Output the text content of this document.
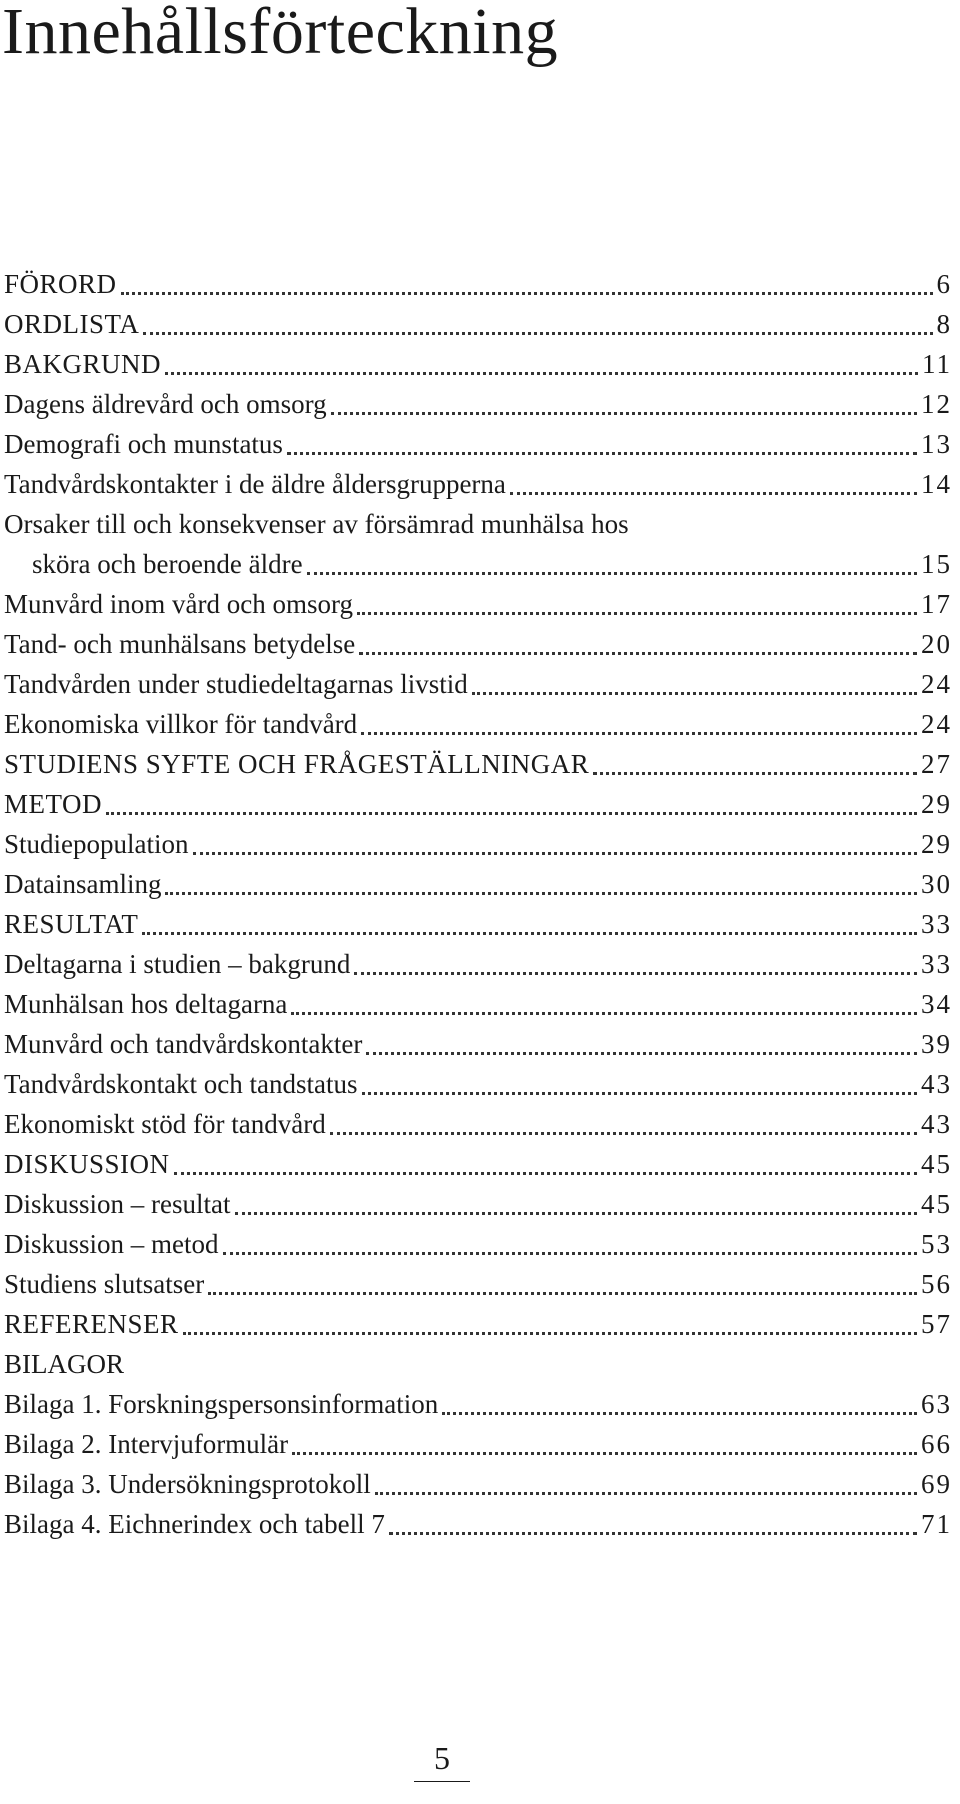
Innehållsförteckning
FÖRORD	6
ORDLISTA	8
BAKGRUND	11
Dagens äldrevård och omsorg	12
Demografi och munstatus	13
Tandvårdskontakter i de äldre åldersgrupperna	14
Orsaker till och konsekvenser av försämrad munhälsa hos
sköra och beroende äldre	15
Munvård inom vård och omsorg	17
Tand- och munhälsans betydelse	20
Tandvården under studiedeltagarnas livstid	24
Ekonomiska villkor för tandvård	24
STUDIENS SYFTE OCH FRÅGESTÄLLNINGAR	27
METOD	29
Studiepopulation	29
Datainsamling	30
RESULTAT	33
Deltagarna i studien – bakgrund	33
Munhälsan hos deltagarna	34
Munvård och tandvårdskontakter	39
Tandvårdskontakt och tandstatus	43
Ekonomiskt stöd för tandvård	43
DISKUSSION	45
Diskussion – resultat	45
Diskussion – metod	53
Studiens slutsatser	56
REFERENSER	57
BILAGOR
Bilaga 1. Forskningspersonsinformation	63
Bilaga 2. Intervjuformulär	66
Bilaga 3. Undersökningsprotokoll	69
Bilaga 4. Eichnerindex och tabell 7	71
5
